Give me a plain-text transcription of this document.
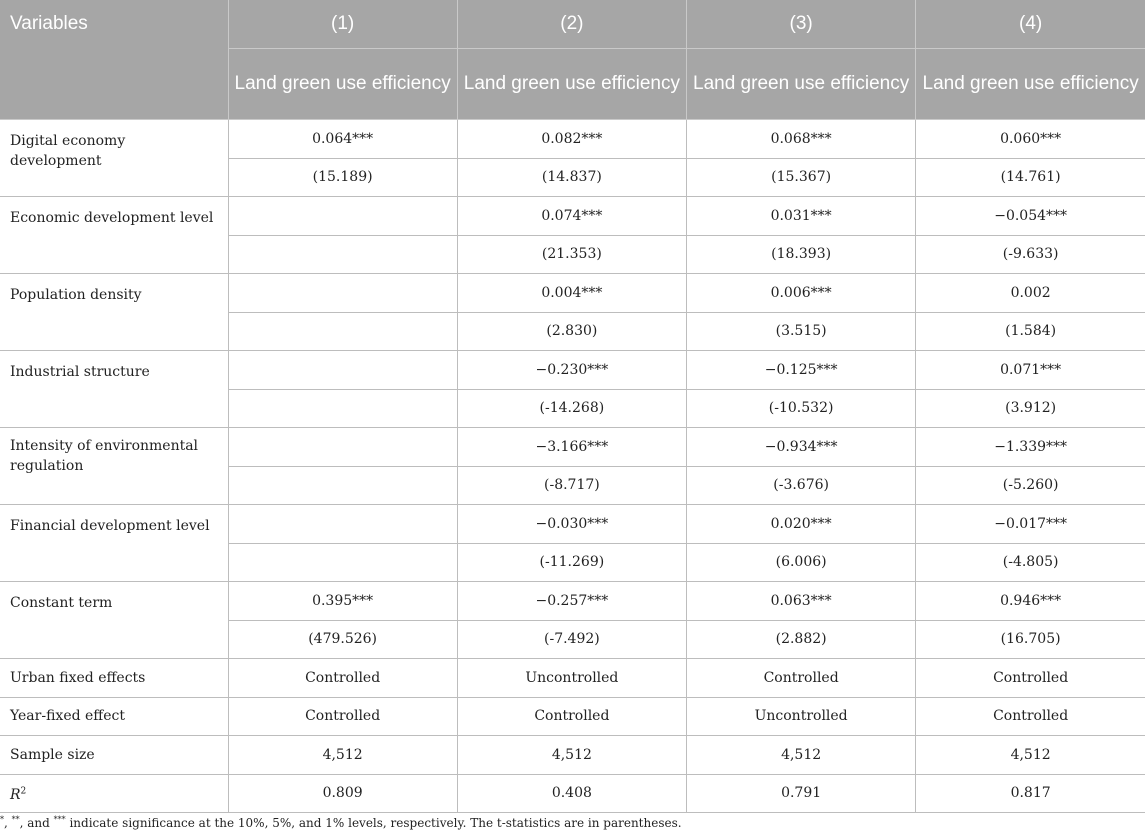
Variables	(1)	(2)	(3)	(4)
	Land green use efficiency	Land green use efficiency	Land green use efficiency	Land green use efficiency
Digital economy development	0.064***	0.082***	0.068***	0.060***
	(15.189)	(14.837)	(15.367)	(14.761)
Economic development level		0.074***	0.031***	−0.054***
		(21.353)	(18.393)	(-9.633)
Population density		0.004***	0.006***	0.002
		(2.830)	(3.515)	(1.584)
Industrial structure		−0.230***	−0.125***	0.071***
		(-14.268)	(-10.532)	(3.912)
Intensity of environmental regulation		−3.166***	−0.934***	−1.339***
		(-8.717)	(-3.676)	(-5.260)
Financial development level		−0.030***	0.020***	−0.017***
		(-11.269)	(6.006)	(-4.805)
Constant term	0.395***	−0.257***	0.063***	0.946***
	(479.526)	(-7.492)	(2.882)	(16.705)
Urban fixed effects	Controlled	Uncontrolled	Controlled	Controlled
Year-fixed effect	Controlled	Controlled	Uncontrolled	Controlled
Sample size	4,512	4,512	4,512	4,512
$R^2$	0.809	0.408	0.791	0.817
*, **, and *** indicate significance at the 10%, 5%, and 1% levels, respectively. The t-statistics are in parentheses.
